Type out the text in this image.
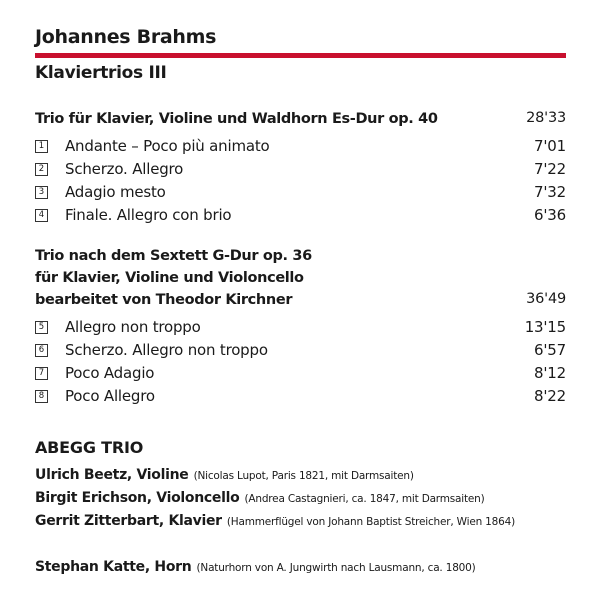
Johannes Brahms
Klaviertrios III
Trio für Klavier, Violine und Waldhorn Es-Dur op. 40	28'33
1 Andante – Poco più animato	7'01
2 Scherzo. Allegro	7'22
3 Adagio mesto	7'32
4 Finale. Allegro con brio	6'36
Trio nach dem Sextett G-Dur op. 36
für Klavier, Violine und Violoncello
bearbeitet von Theodor Kirchner	36'49
5 Allegro non troppo	13'15
6 Scherzo. Allegro non troppo	6'57
7 Poco Adagio	8'12
8 Poco Allegro	8'22
ABEGG TRIO
Ulrich Beetz, Violine (Nicolas Lupot, Paris 1821, mit Darmsaiten)
Birgit Erichson, Violoncello (Andrea Castagnieri, ca. 1847, mit Darmsaiten)
Gerrit Zitterbart, Klavier (Hammerflügel von Johann Baptist Streicher, Wien 1864)
Stephan Katte, Horn (Naturhorn von A. Jungwirth nach Lausmann, ca. 1800)
